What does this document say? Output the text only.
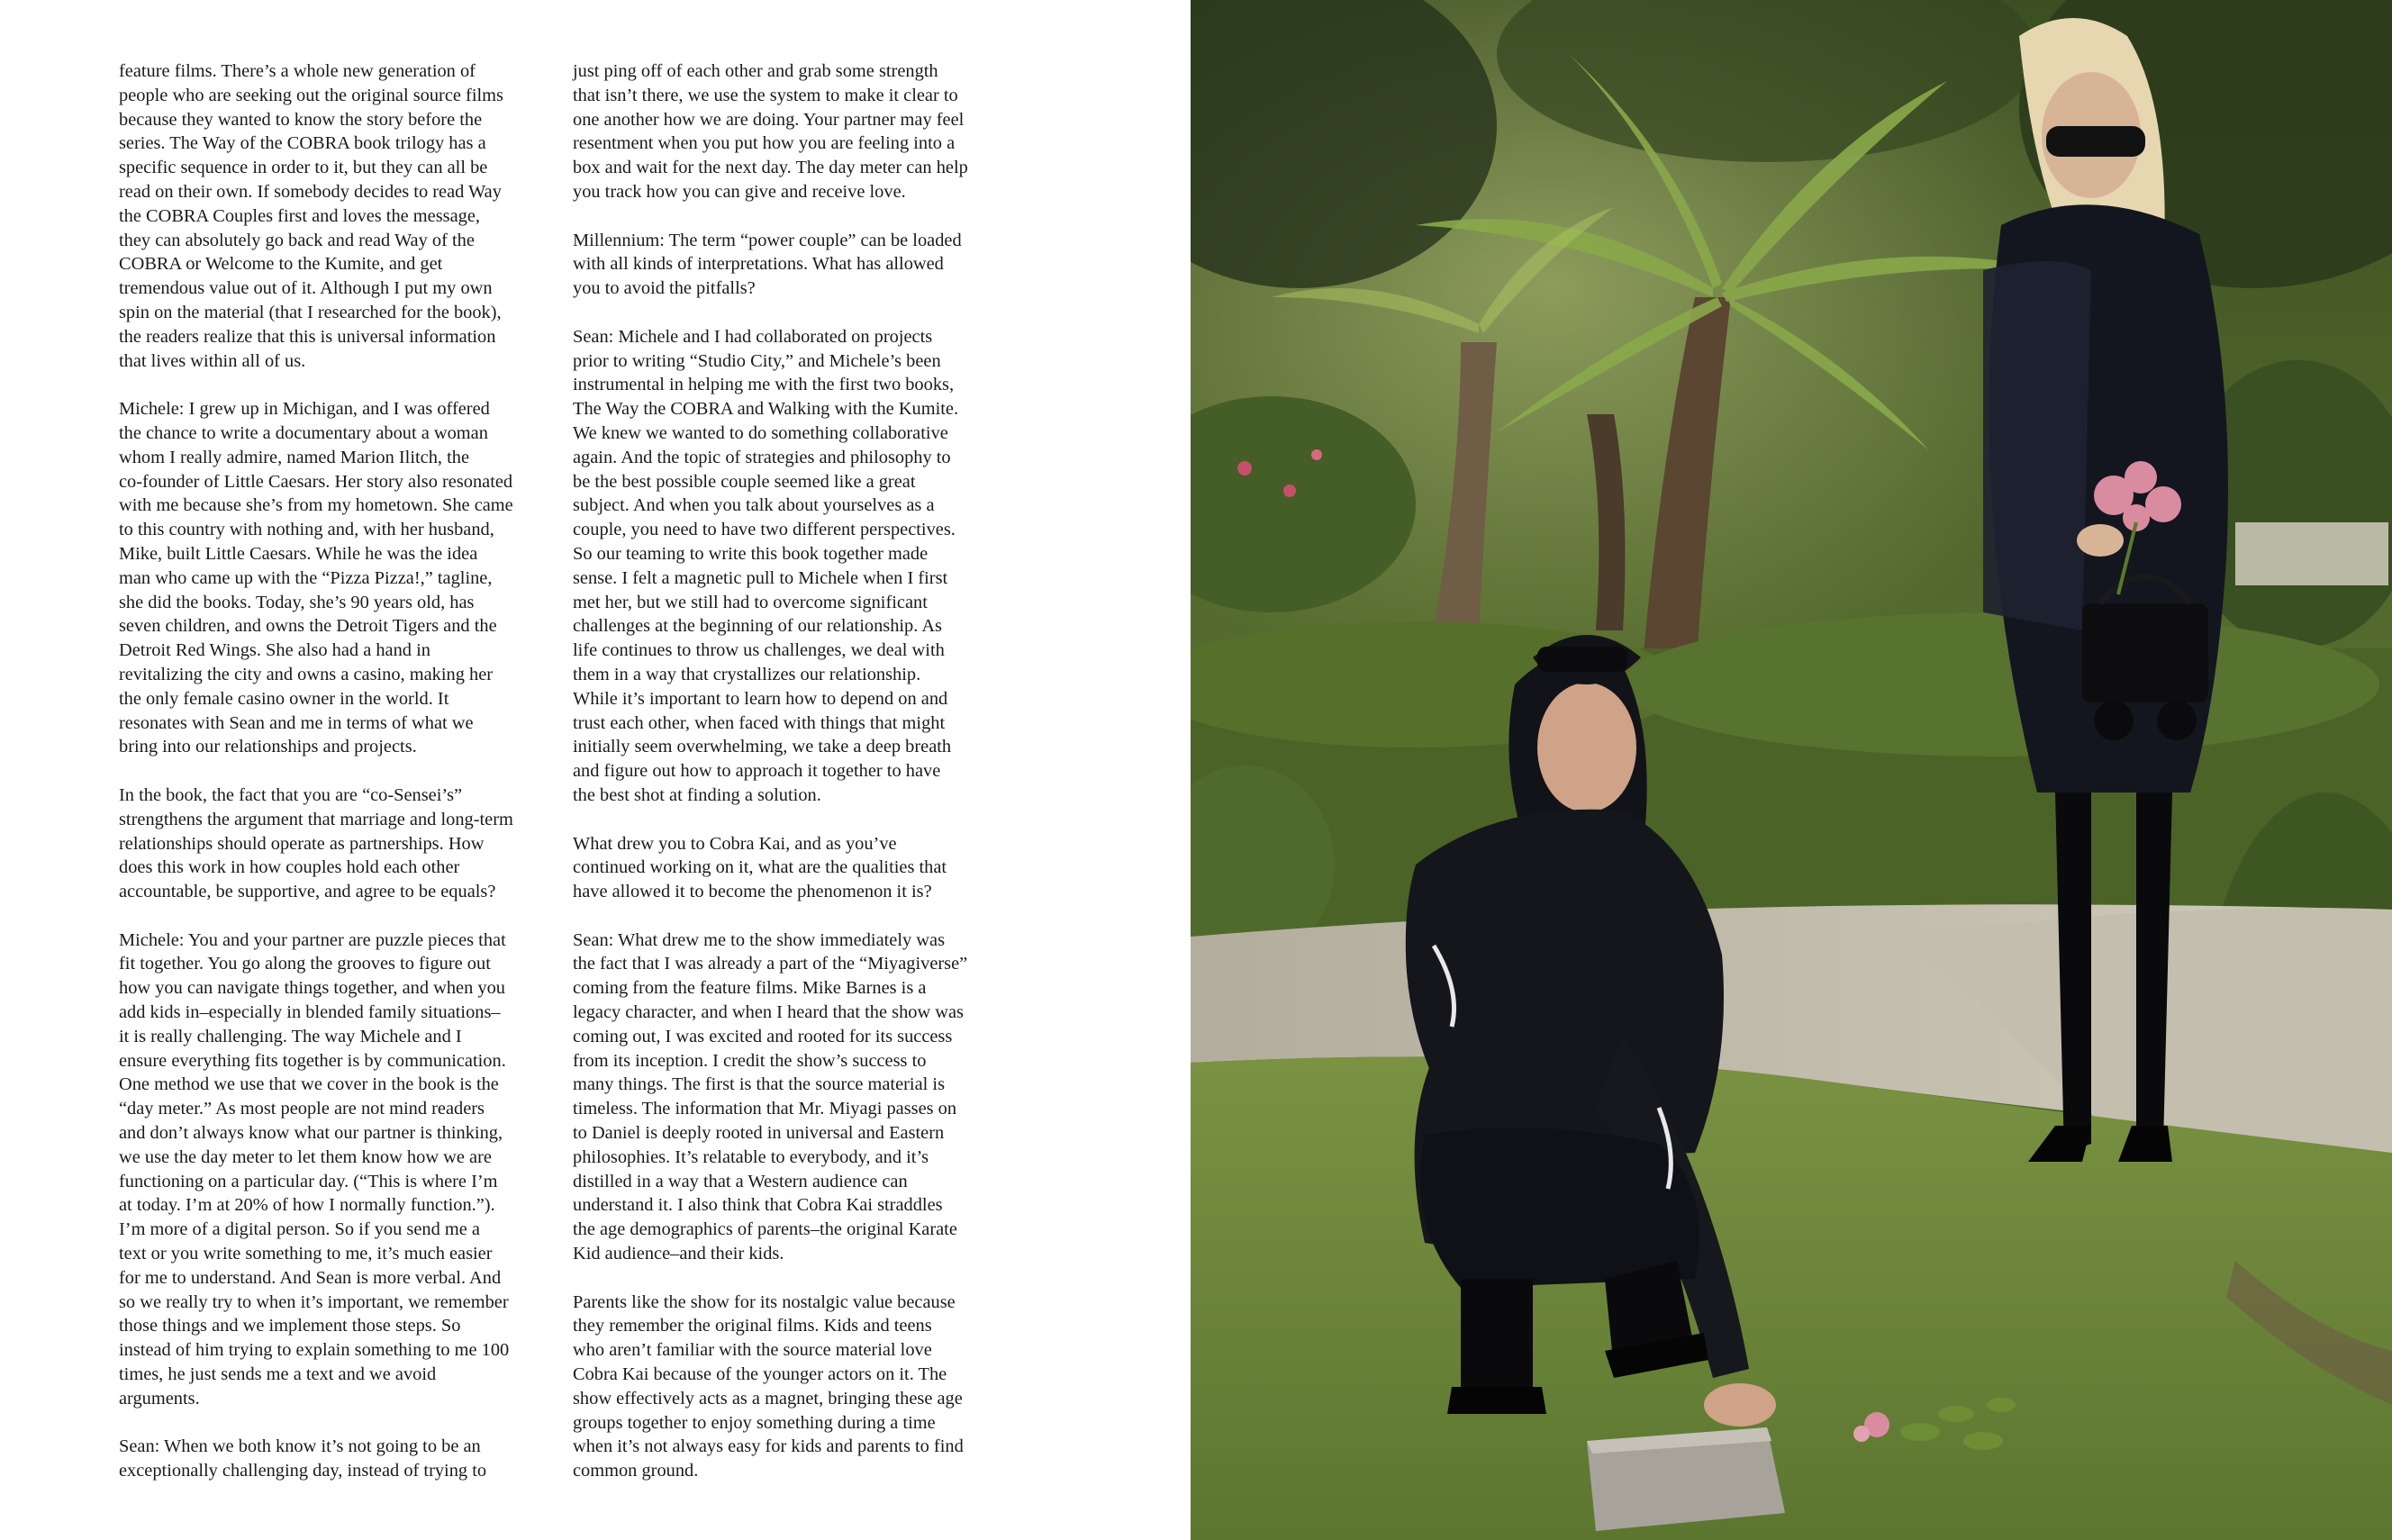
feature films. There’s a whole new generation of
people who are seeking out the original source films
because they wanted to know the story before the
series. The Way of the COBRA book trilogy has a
specific sequence in order to it, but they can all be
read on their own. If somebody decides to read Way
the COBRA Couples first and loves the message,
they can absolutely go back and read Way of the
COBRA or Welcome to the Kumite, and get
tremendous value out of it. Although I put my own
spin on the material (that I researched for the book),
the readers realize that this is universal information
that lives within all of us.

Michele: I grew up in Michigan, and I was offered
the chance to write a documentary about a woman
whom I really admire, named Marion Ilitch, the
co-founder of Little Caesars. Her story also resonated
with me because she’s from my hometown. She came
to this country with nothing and, with her husband,
Mike, built Little Caesars. While he was the idea
man who came up with the “Pizza Pizza!,” tagline,
she did the books. Today, she’s 90 years old, has
seven children, and owns the Detroit Tigers and the
Detroit Red Wings. She also had a hand in
revitalizing the city and owns a casino, making her
the only female casino owner in the world. It
resonates with Sean and me in terms of what we
bring into our relationships and projects.

In the book, the fact that you are “co-Sensei’s”
strengthens the argument that marriage and long-term
relationships should operate as partnerships. How
does this work in how couples hold each other
accountable, be supportive, and agree to be equals?

Michele: You and your partner are puzzle pieces that
fit together. You go along the grooves to figure out
how you can navigate things together, and when you
add kids in–especially in blended family situations–
it is really challenging. The way Michele and I
ensure everything fits together is by communication.
One method we use that we cover in the book is the
“day meter.” As most people are not mind readers
and don’t always know what our partner is thinking,
we use the day meter to let them know how we are
functioning on a particular day. (“This is where I’m
at today. I’m at 20% of how I normally function.”).
I’m more of a digital person. So if you send me a
text or you write something to me, it’s much easier
for me to understand. And Sean is more verbal. And
so we really try to when it’s important, we remember
those things and we implement those steps. So
instead of him trying to explain something to me 100
times, he just sends me a text and we avoid
arguments.

Sean: When we both know it’s not going to be an
exceptionally challenging day, instead of trying to

just ping off of each other and grab some strength
that isn’t there, we use the system to make it clear to
one another how we are doing. Your partner may feel
resentment when you put how you are feeling into a
box and wait for the next day. The day meter can help
you track how you can give and receive love.

Millennium: The term “power couple” can be loaded
with all kinds of interpretations. What has allowed
you to avoid the pitfalls?

Sean: Michele and I had collaborated on projects
prior to writing “Studio City,” and Michele’s been
instrumental in helping me with the first two books,
The Way the COBRA and Walking with the Kumite.
We knew we wanted to do something collaborative
again. And the topic of strategies and philosophy to
be the best possible couple seemed like a great
subject. And when you talk about yourselves as a
couple, you need to have two different perspectives.
So our teaming to write this book together made
sense. I felt a magnetic pull to Michele when I first
met her, but we still had to overcome significant
challenges at the beginning of our relationship. As
life continues to throw us challenges, we deal with
them in a way that crystallizes our relationship.
While it’s important to learn how to depend on and
trust each other, when faced with things that might
initially seem overwhelming, we take a deep breath
and figure out how to approach it together to have
the best shot at finding a solution.

What drew you to Cobra Kai, and as you’ve
continued working on it, what are the qualities that
have allowed it to become the phenomenon it is?

Sean: What drew me to the show immediately was
the fact that I was already a part of the “Miyagiverse”
coming from the feature films. Mike Barnes is a
legacy character, and when I heard that the show was
coming out, I was excited and rooted for its success
from its inception. I credit the show’s success to
many things. The first is that the source material is
timeless. The information that Mr. Miyagi passes on
to Daniel is deeply rooted in universal and Eastern
philosophies. It’s relatable to everybody, and it’s
distilled in a way that a Western audience can
understand it. I also think that Cobra Kai straddles
the age demographics of parents–the original Karate
Kid audience–and their kids.

Parents like the show for its nostalgic value because
they remember the original films. Kids and teens
who aren’t familiar with the source material love
Cobra Kai because of the younger actors on it. The
show effectively acts as a magnet, bringing these age
groups together to enjoy something during a time
when it’s not always easy for kids and parents to find
common ground.
